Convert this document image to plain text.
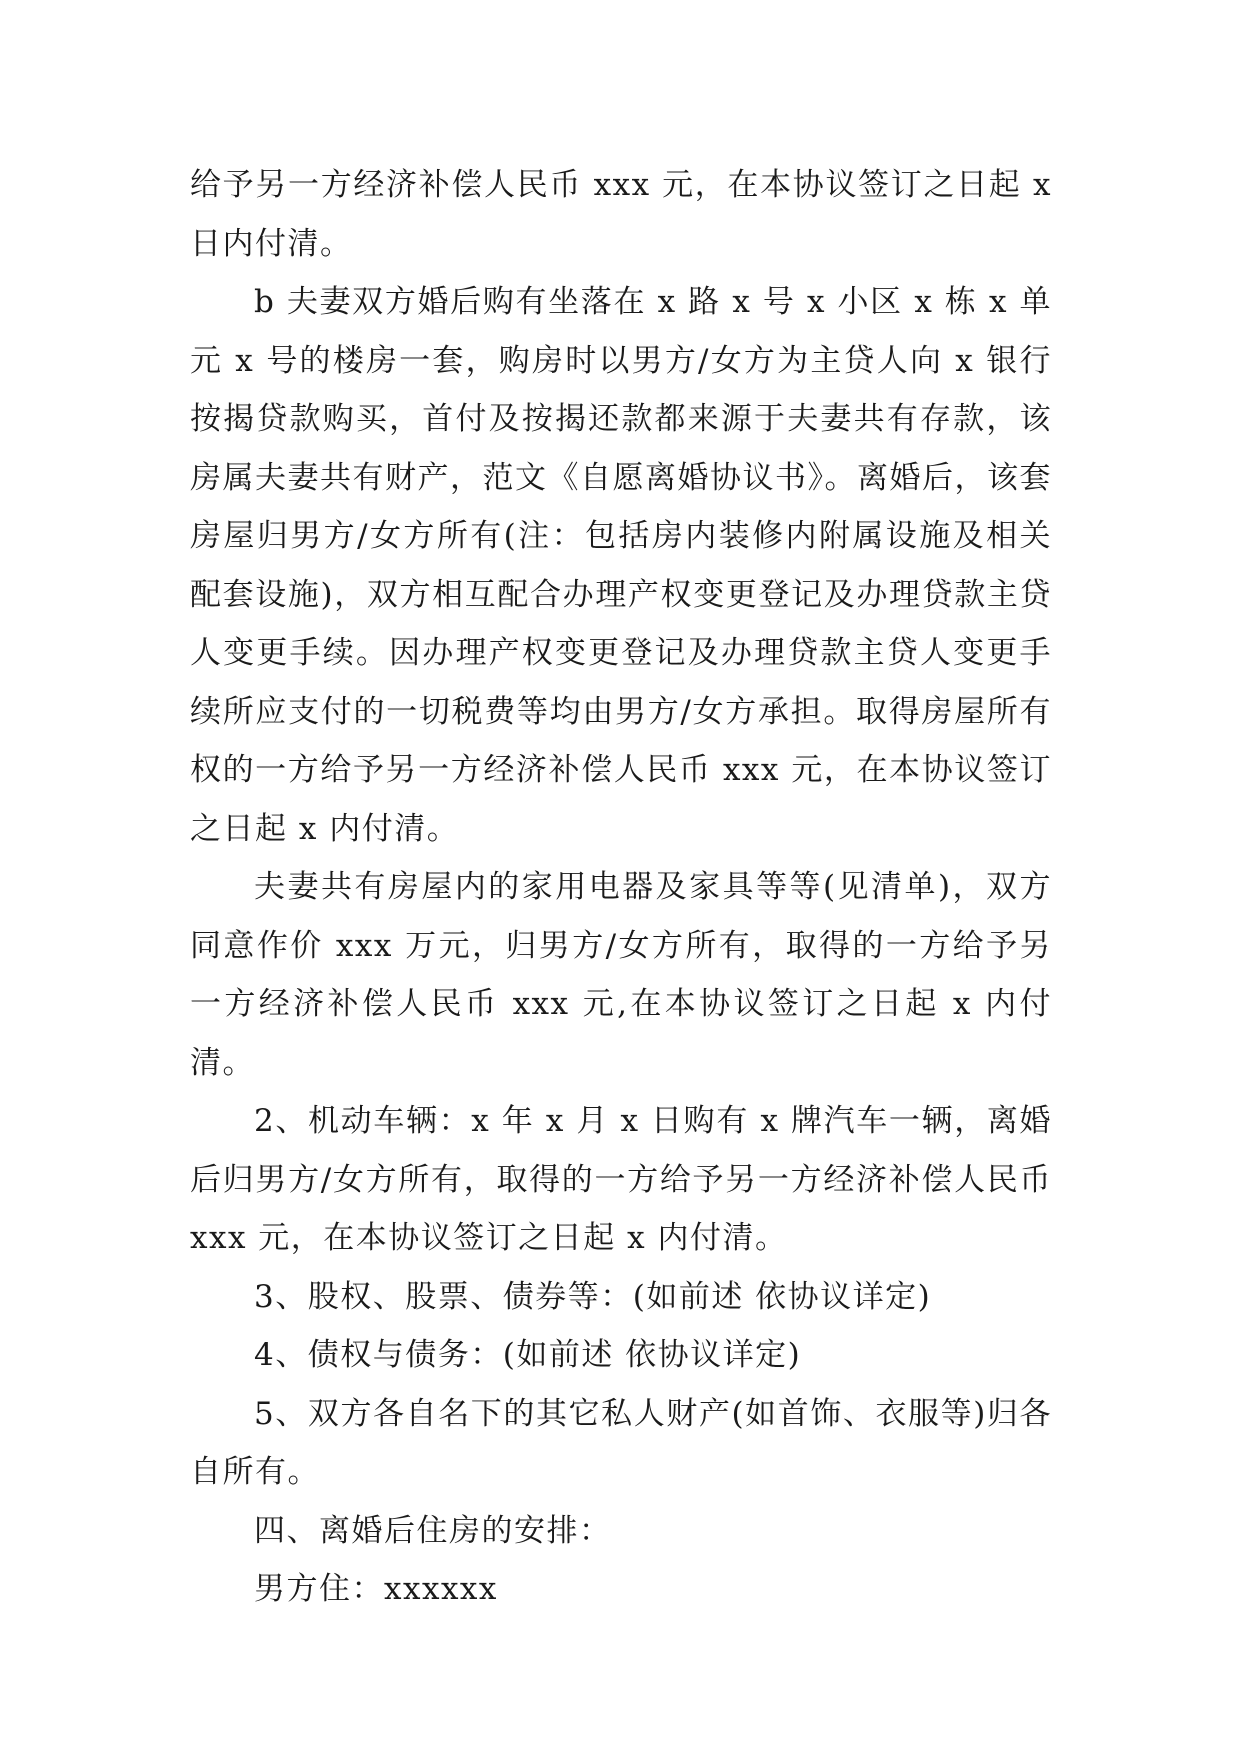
给予另一方经济补偿人民币 xxx 元，在本协议签订之日起 x 日内付清。

b 夫妻双方婚后购有坐落在 x 路 x 号 x 小区 x 栋 x 单元 x 号的楼房一套，购房时以男方/女方为主贷人向 x 银行按揭贷款购买，首付及按揭还款都来源于夫妻共有存款，该房属夫妻共有财产，范文《自愿离婚协议书》。离婚后，该套房屋归男方/女方所有(注：包括房内装修内附属设施及相关配套设施)，双方相互配合办理产权变更登记及办理贷款主贷人变更手续。因办理产权变更登记及办理贷款主贷人变更手续所应支付的一切税费等均由男方/女方承担。取得房屋所有权的一方给予另一方经济补偿人民币 xxx 元，在本协议签订之日起 x 内付清。

夫妻共有房屋内的家用电器及家具等等(见清单)，双方同意作价 xxx 万元，归男方/女方所有，取得的一方给予另一方经济补偿人民币 xxx 元,在本协议签订之日起 x 内付清。

2、机动车辆：x 年 x 月 x 日购有 x 牌汽车一辆，离婚后归男方/女方所有，取得的一方给予另一方经济补偿人民币 xxx 元，在本协议签订之日起 x 内付清。

3、股权、股票、债券等：(如前述 依协议详定)

4、债权与债务：(如前述 依协议详定)

5、双方各自名下的其它私人财产(如首饰、衣服等)归各自所有。

四、离婚后住房的安排：

男方住：xxxxxx
